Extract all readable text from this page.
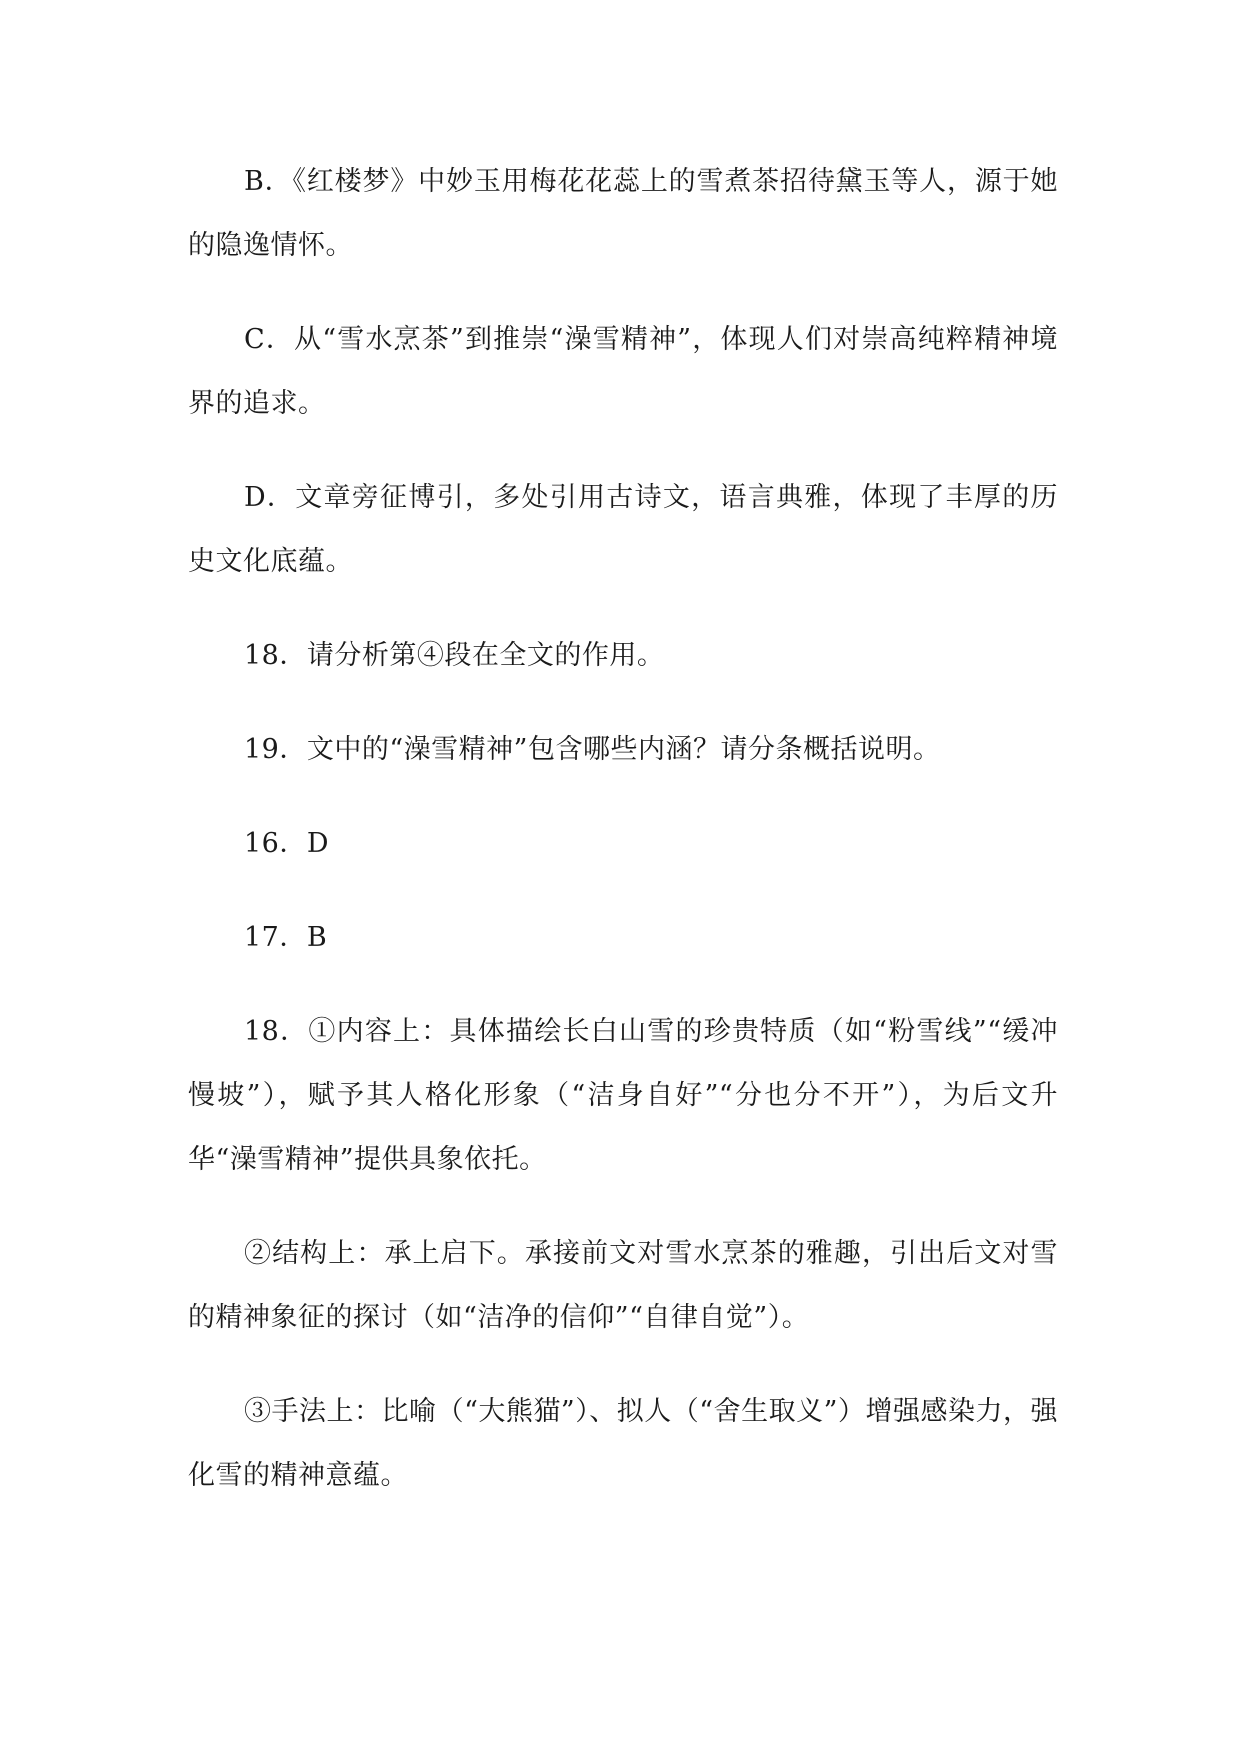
B．《红楼梦》中妙玉用梅花花蕊上的雪煮茶招待黛玉等人，源于她的隐逸情怀。

C．从“雪水烹茶”到推崇“澡雪精神”，体现人们对崇高纯粹精神境界的追求。

D．文章旁征博引，多处引用古诗文，语言典雅，体现了丰厚的历史文化底蕴。

18．请分析第④段在全文的作用。

19．文中的“澡雪精神”包含哪些内涵？请分条概括说明。

16．D

17．B

18．①内容上：具体描绘长白山雪的珍贵特质（如“粉雪线”“缓冲慢坡”），赋予其人格化形象（“洁身自好”“分也分不开”），为后文升华“澡雪精神”提供具象依托。

②结构上：承上启下。承接前文对雪水烹茶的雅趣，引出后文对雪的精神象征的探讨（如“洁净的信仰”“自律自觉”）。

③手法上：比喻（“大熊猫”）、拟人（“舍生取义”）增强感染力，强化雪的精神意蕴。
